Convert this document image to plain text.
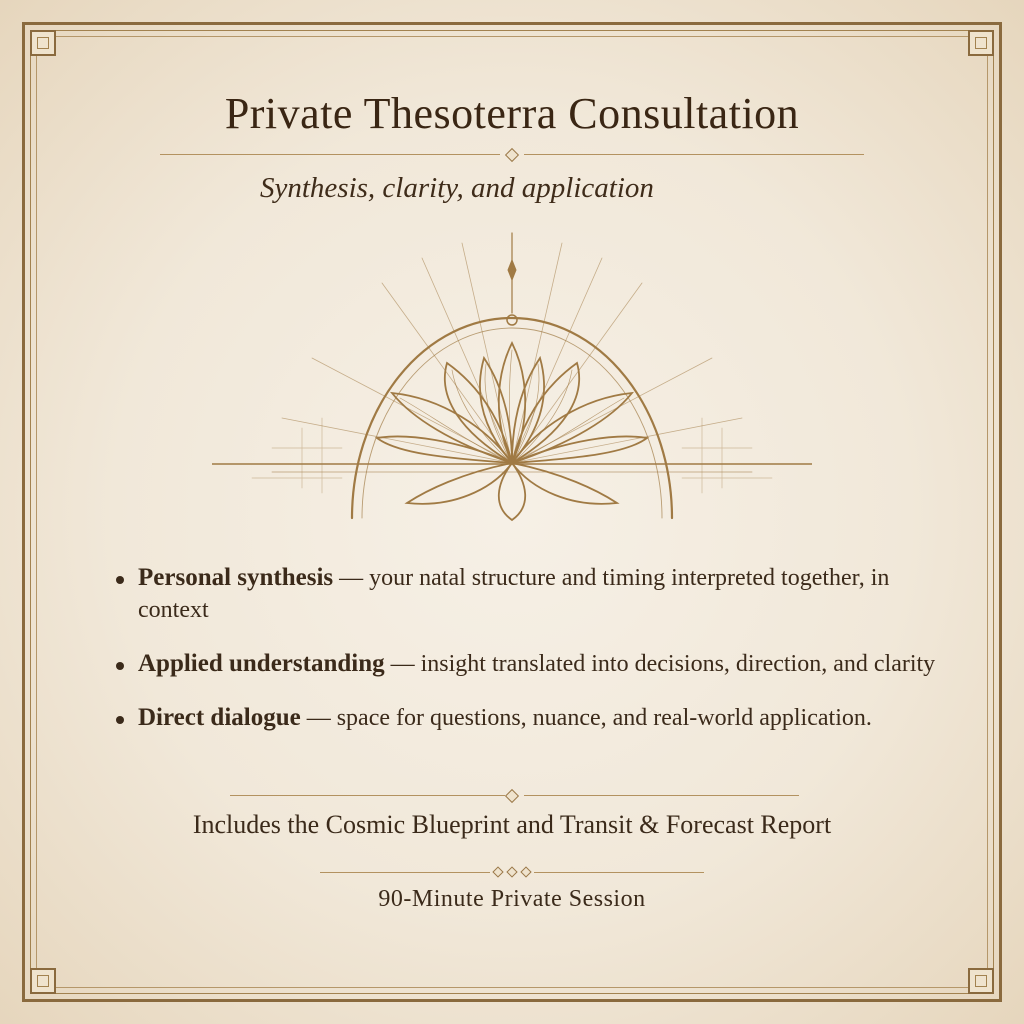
Private Thesoterra Consultation
Synthesis, clarity, and application
Personal synthesis — your natal structure and timing interpreted together, in context
Applied understanding — insight translated into decisions, direction, and clarity
Direct dialogue — space for questions, nuance, and real-world application.
Includes the Cosmic Blueprint and Transit & Forecast Report
90-Minute Private Session
